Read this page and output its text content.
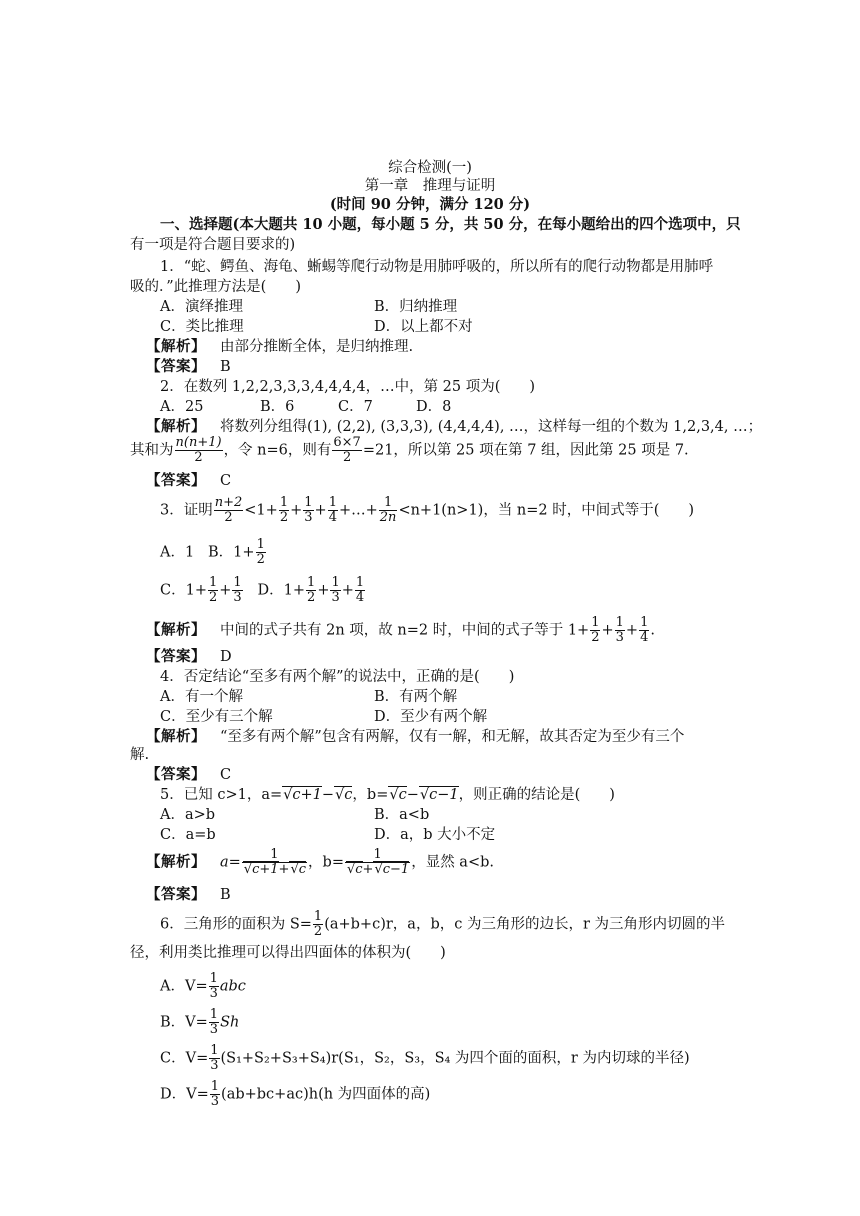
综合检测(一)
第一章　推理与证明
(时间 90 分钟，满分 120 分)
一、选择题(本大题共 10 小题，每小题 5 分，共 50 分，在每小题给出的四个选项中，只
有一项是符合题目要求的)
1．“蛇、鳄鱼、海龟、蜥蜴等爬行动物是用肺呼吸的，所以所有的爬行动物都是用肺呼
吸的．”此推理方法是(　　)
A．演绎推理	B．归纳推理
C．类比推理	D．以上都不对
【解析】 由部分推断全体，是归纳推理.
【答案】 B
2．在数列 1,2,2,3,3,3,4,4,4,4，…中，第 25 项为(　　)
A．25	B．6	C．7	D．8
【解析】 将数列分组得(1), (2,2), (3,3,3), (4,4,4,4), …，这样每一组的个数为 1,2,3,4, …；
其和为 $\frac{n(n+1)}{2}$ ，令 n=6，则有 $\frac{6\times 7}{2} =21$，所以第 25 项在第 7 组，因此第 25 项是 7.
【答案】 C
3．证明 $\frac{n+2}{2} <1+ \frac{1}{2} + \frac{1}{3} + \frac{1}{4}$ +…+ $\frac{1}{2n} <n+1(n>1)$，当 n=2 时，中间式等于(　　)
A．1 B．$1+ \frac{1}{2}$
C．$1+ \frac{1}{2} + \frac{1}{3}$ D．$1+ \frac{1}{2} + \frac{1}{3} + \frac{1}{4}$
【解析】 中间的式子共有 2n 项，故 n=2 时，中间的式子等于 $1+ \frac{1}{2} + \frac{1}{3} + \frac{1}{4}$ .
【答案】 D
4．否定结论“至多有两个解”的说法中，正确的是(　　)
A．有一个解	B．有两个解
C．至少有三个解	D．至少有两个解
【解析】 “至多有两个解”包含有两解，仅有一解，和无解，故其否定为至少有三个
解.
【答案】 C
5．已知 c>1，a= √ c+1− √ c，b= √ c− √ c−1，则正确的结论是(　　)
A．a>b	B．a<b
C．a=b	D．a，b 大小不定
【解析】 a= 1
√ c+1+ √ c ，b= 1
√ c+ √ c−1 ，显然 a<b.
【答案】 B
6．三角形的面积为 $S= \frac{1}{2} (a+b+c)r$，a，b，c 为三角形的边长，r 为三角形内切圆的半
径，利用类比推理可以得出四面体的体积为(　　)
A．$V= \frac{1}{3}$ abc
B．$V= \frac{1}{3}$ Sh
C．$V= \frac{1}{3} (S_1+S_2+S_3+S_4)r(S_1$，S₂，S₃，S₄ 为四个面的面积，r 为内切球的半径)
D．$V= \frac{1}{3} (ab+bc+ac)h(h$ 为四面体的高)
